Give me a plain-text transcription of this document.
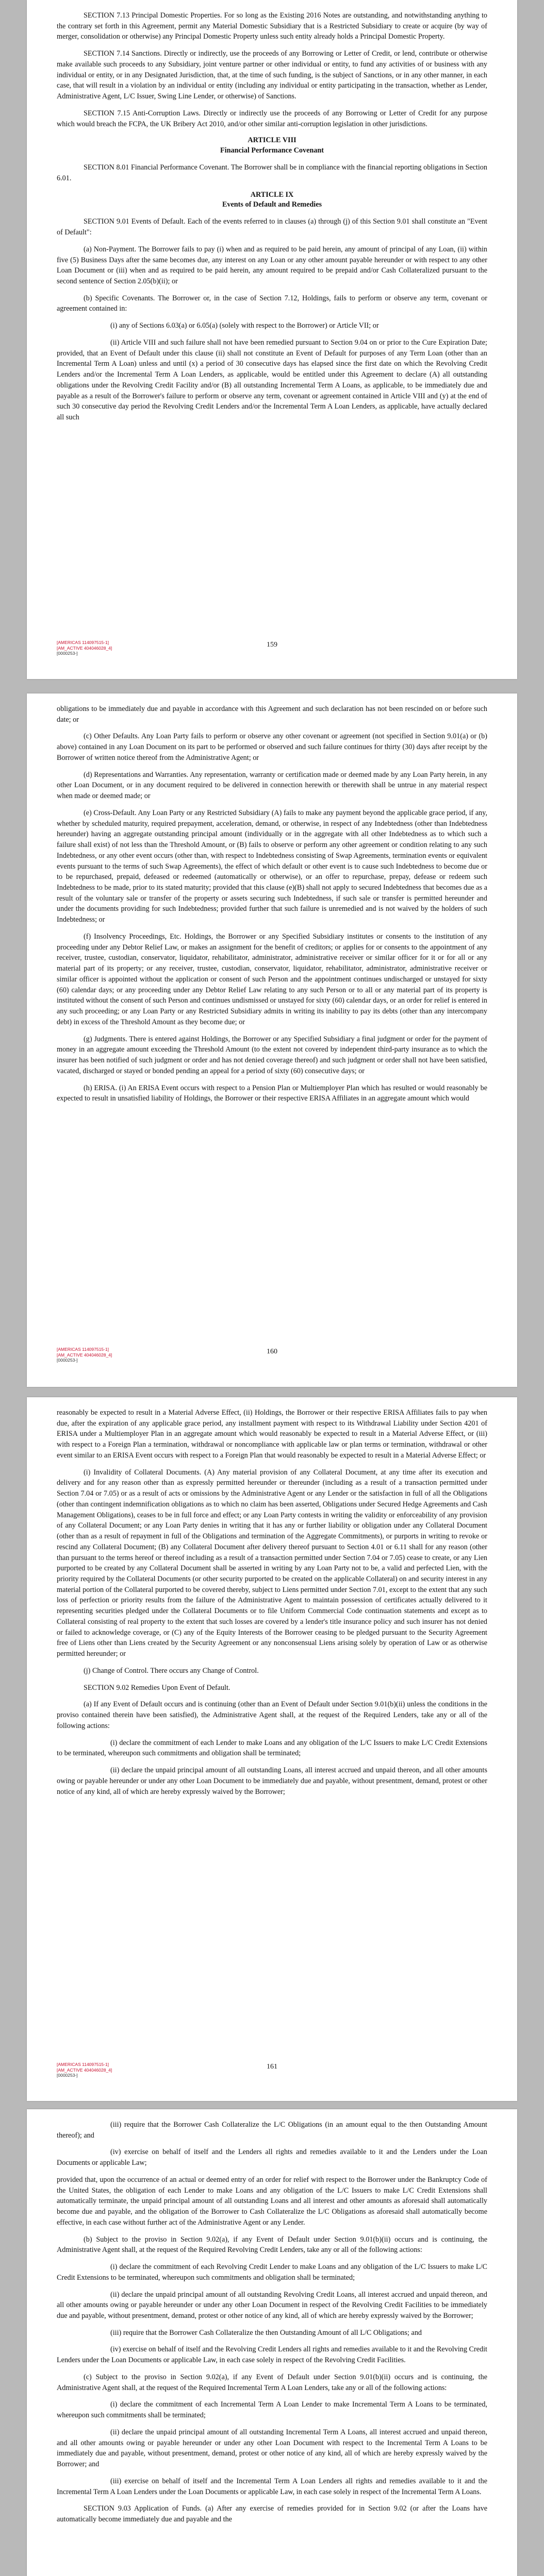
SECTION 7.13 Principal Domestic Properties. For so long as the Existing 2016 Notes are outstanding, and notwithstanding anything to the contrary set forth in this Agreement, permit any Material Domestic Subsidiary that is a Restricted Subsidiary to create or acquire (by way of merger, consolidation or otherwise) any Principal Domestic Property unless such entity already holds a Principal Domestic Property.

SECTION 7.14 Sanctions. Directly or indirectly, use the proceeds of any Borrowing or Letter of Credit, or lend, contribute or otherwise make available such proceeds to any Subsidiary, joint venture partner or other individual or entity, to fund any activities of or business with any individual or entity, or in any Designated Jurisdiction, that, at the time of such funding, is the subject of Sanctions, or in any other manner, in each case, that will result in a violation by an individual or entity (including any individual or entity participating in the transaction, whether as Lender, Administrative Agent, L/C Issuer, Swing Line Lender, or otherwise) of Sanctions.

SECTION 7.15 Anti-Corruption Laws. Directly or indirectly use the proceeds of any Borrowing or Letter of Credit for any purpose which would breach the FCPA, the UK Bribery Act 2010, and/or other similar anti-corruption legislation in other jurisdictions.

ARTICLE VIII
Financial Performance Covenant

SECTION 8.01 Financial Performance Covenant. The Borrower shall be in compliance with the financial reporting obligations in Section 6.01.

ARTICLE IX
Events of Default and Remedies

SECTION 9.01 Events of Default. Each of the events referred to in clauses (a) through (j) of this Section 9.01 shall constitute an "Event of Default":

(a) Non-Payment. The Borrower fails to pay (i) when and as required to be paid herein, any amount of principal of any Loan, (ii) within five (5) Business Days after the same becomes due, any interest on any Loan or any other amount payable hereunder or with respect to any other Loan Document or (iii) when and as required to be paid herein, any amount required to be prepaid and/or Cash Collateralized pursuant to the second sentence of Section 2.05(b)(ii); or

(b) Specific Covenants. The Borrower or, in the case of Section 7.12, Holdings, fails to perform or observe any term, covenant or agreement contained in:

(i) any of Sections 6.03(a) or 6.05(a) (solely with respect to the Borrower) or Article VII; or

(ii) Article VIII and such failure shall not have been remedied pursuant to Section 9.04 on or prior to the Cure Expiration Date; provided, that an Event of Default under this clause (ii) shall not constitute an Event of Default for purposes of any Term Loan (other than an Incremental Term A Loan) unless and until (x) a period of 30 consecutive days has elapsed since the first date on which the Revolving Credit Lenders and/or the Incremental Term A Loan Lenders, as applicable, would be entitled under this Agreement to declare (A) all outstanding obligations under the Revolving Credit Facility and/or (B) all outstanding Incremental Term A Loans, as applicable, to be immediately due and payable as a result of the Borrower's failure to perform or observe any term, covenant or agreement contained in Article VIII and (y) at the end of such 30 consecutive day period the Revolving Credit Lenders and/or the Incremental Term A Loan Lenders, as applicable, have actually declared all such

[AMERICAS 114097515-1]
[AM_ACTIVE 404046028_4]
[0000253-]
159

obligations to be immediately due and payable in accordance with this Agreement and such declaration has not been rescinded on or before such date; or

(c) Other Defaults. Any Loan Party fails to perform or observe any other covenant or agreement (not specified in Section 9.01(a) or (b) above) contained in any Loan Document on its part to be performed or observed and such failure continues for thirty (30) days after receipt by the Borrower of written notice thereof from the Administrative Agent; or

(d) Representations and Warranties. Any representation, warranty or certification made or deemed made by any Loan Party herein, in any other Loan Document, or in any document required to be delivered in connection herewith or therewith shall be untrue in any material respect when made or deemed made; or

(e) Cross-Default. Any Loan Party or any Restricted Subsidiary (A) fails to make any payment beyond the applicable grace period, if any, whether by scheduled maturity, required prepayment, acceleration, demand, or otherwise, in respect of any Indebtedness (other than Indebtedness hereunder) having an aggregate outstanding principal amount (individually or in the aggregate with all other Indebtedness as to which such a failure shall exist) of not less than the Threshold Amount, or (B) fails to observe or perform any other agreement or condition relating to any such Indebtedness, or any other event occurs (other than, with respect to Indebtedness consisting of Swap Agreements, termination events or equivalent events pursuant to the terms of such Swap Agreements), the effect of which default or other event is to cause such Indebtedness to become due or to be repurchased, prepaid, defeased or redeemed (automatically or otherwise), or an offer to repurchase, prepay, defease or redeem such Indebtedness to be made, prior to its stated maturity; provided that this clause (e)(B) shall not apply to secured Indebtedness that becomes due as a result of the voluntary sale or transfer of the property or assets securing such Indebtedness, if such sale or transfer is permitted hereunder and under the documents providing for such Indebtedness; provided further that such failure is unremedied and is not waived by the holders of such Indebtedness; or

(f) Insolvency Proceedings, Etc. Holdings, the Borrower or any Specified Subsidiary institutes or consents to the institution of any proceeding under any Debtor Relief Law, or makes an assignment for the benefit of creditors; or applies for or consents to the appointment of any receiver, trustee, custodian, conservator, liquidator, rehabilitator, administrator, administrative receiver or similar officer for it or for all or any material part of its property; or any receiver, trustee, custodian, conservator, liquidator, rehabilitator, administrator, administrative receiver or similar officer is appointed without the application or consent of such Person and the appointment continues undischarged or unstayed for sixty (60) calendar days; or any proceeding under any Debtor Relief Law relating to any such Person or to all or any material part of its property is instituted without the consent of such Person and continues undismissed or unstayed for sixty (60) calendar days, or an order for relief is entered in any such proceeding; or any Loan Party or any Restricted Subsidiary admits in writing its inability to pay its debts (other than any intercompany debt) in excess of the Threshold Amount as they become due; or

(g) Judgments. There is entered against Holdings, the Borrower or any Specified Subsidiary a final judgment or order for the payment of money in an aggregate amount exceeding the Threshold Amount (to the extent not covered by independent third-party insurance as to which the insurer has been notified of such judgment or order and has not denied coverage thereof) and such judgment or order shall not have been satisfied, vacated, discharged or stayed or bonded pending an appeal for a period of sixty (60) consecutive days; or

(h) ERISA. (i) An ERISA Event occurs with respect to a Pension Plan or Multiemployer Plan which has resulted or would reasonably be expected to result in unsatisfied liability of Holdings, the Borrower or their respective ERISA Affiliates in an aggregate amount which would

[AMERICAS 114097515-1]
[AM_ACTIVE 404046028_4]
[0000253-]
160

reasonably be expected to result in a Material Adverse Effect, (ii) Holdings, the Borrower or their respective ERISA Affiliates fails to pay when due, after the expiration of any applicable grace period, any installment payment with respect to its Withdrawal Liability under Section 4201 of ERISA under a Multiemployer Plan in an aggregate amount which would reasonably be expected to result in a Material Adverse Effect, or (iii) with respect to a Foreign Plan a termination, withdrawal or noncompliance with applicable law or plan terms or termination, withdrawal or other event similar to an ERISA Event occurs with respect to a Foreign Plan that would reasonably be expected to result in a Material Adverse Effect; or

(i) Invalidity of Collateral Documents. (A) Any material provision of any Collateral Document, at any time after its execution and delivery and for any reason other than as expressly permitted hereunder or thereunder (including as a result of a transaction permitted under Section 7.04 or 7.05) or as a result of acts or omissions by the Administrative Agent or any Lender or the satisfaction in full of all the Obligations (other than contingent indemnification obligations as to which no claim has been asserted, Obligations under Secured Hedge Agreements and Cash Management Obligations), ceases to be in full force and effect; or any Loan Party contests in writing the validity or enforceability of any provision of any Collateral Document; or any Loan Party denies in writing that it has any or further liability or obligation under any Collateral Document (other than as a result of repayment in full of the Obligations and termination of the Aggregate Commitments), or purports in writing to revoke or rescind any Collateral Document; (B) any Collateral Document after delivery thereof pursuant to Section 4.01 or 6.11 shall for any reason (other than pursuant to the terms hereof or thereof including as a result of a transaction permitted under Section 7.04 or 7.05) cease to create, or any Lien purported to be created by any Collateral Document shall be asserted in writing by any Loan Party not to be, a valid and perfected Lien, with the priority required by the Collateral Documents (or other security purported to be created on the applicable Collateral) on and security interest in any material portion of the Collateral purported to be covered thereby, subject to Liens permitted under Section 7.01, except to the extent that any such loss of perfection or priority results from the failure of the Administrative Agent to maintain possession of certificates actually delivered to it representing securities pledged under the Collateral Documents or to file Uniform Commercial Code continuation statements and except as to Collateral consisting of real property to the extent that such losses are covered by a lender's title insurance policy and such insurer has not denied or failed to acknowledge coverage, or (C) any of the Equity Interests of the Borrower ceasing to be pledged pursuant to the Security Agreement free of Liens other than Liens created by the Security Agreement or any nonconsensual Liens arising solely by operation of Law or as otherwise permitted hereunder; or

(j) Change of Control. There occurs any Change of Control.

SECTION 9.02 Remedies Upon Event of Default.

(a) If any Event of Default occurs and is continuing (other than an Event of Default under Section 9.01(b)(ii) unless the conditions in the proviso contained therein have been satisfied), the Administrative Agent shall, at the request of the Required Lenders, take any or all of the following actions:

(i) declare the commitment of each Lender to make Loans and any obligation of the L/C Issuers to make L/C Credit Extensions to be terminated, whereupon such commitments and obligation shall be terminated;

(ii) declare the unpaid principal amount of all outstanding Loans, all interest accrued and unpaid thereon, and all other amounts owing or payable hereunder or under any other Loan Document to be immediately due and payable, without presentment, demand, protest or other notice of any kind, all of which are hereby expressly waived by the Borrower;

[AMERICAS 114097515-1]
[AM_ACTIVE 404046028_4]
[0000253-]
161

(iii) require that the Borrower Cash Collateralize the L/C Obligations (in an amount equal to the then Outstanding Amount thereof); and

(iv) exercise on behalf of itself and the Lenders all rights and remedies available to it and the Lenders under the Loan Documents or applicable Law;

provided that, upon the occurrence of an actual or deemed entry of an order for relief with respect to the Borrower under the Bankruptcy Code of the United States, the obligation of each Lender to make Loans and any obligation of the L/C Issuers to make L/C Credit Extensions shall automatically terminate, the unpaid principal amount of all outstanding Loans and all interest and other amounts as aforesaid shall automatically become due and payable, and the obligation of the Borrower to Cash Collateralize the L/C Obligations as aforesaid shall automatically become effective, in each case without further act of the Administrative Agent or any Lender.

(b) Subject to the proviso in Section 9.02(a), if any Event of Default under Section 9.01(b)(ii) occurs and is continuing, the Administrative Agent shall, at the request of the Required Revolving Credit Lenders, take any or all of the following actions:

(i) declare the commitment of each Revolving Credit Lender to make Loans and any obligation of the L/C Issuers to make L/C Credit Extensions to be terminated, whereupon such commitments and obligation shall be terminated;

(ii) declare the unpaid principal amount of all outstanding Revolving Credit Loans, all interest accrued and unpaid thereon, and all other amounts owing or payable hereunder or under any other Loan Document in respect of the Revolving Credit Facilities to be immediately due and payable, without presentment, demand, protest or other notice of any kind, all of which are hereby expressly waived by the Borrower;

(iii) require that the Borrower Cash Collateralize the then Outstanding Amount of all L/C Obligations; and

(iv) exercise on behalf of itself and the Revolving Credit Lenders all rights and remedies available to it and the Revolving Credit Lenders under the Loan Documents or applicable Law, in each case solely in respect of the Revolving Credit Facilities.

(c) Subject to the proviso in Section 9.02(a), if any Event of Default under Section 9.01(b)(ii) occurs and is continuing, the Administrative Agent shall, at the request of the Required Incremental Term A Loan Lenders, take any or all of the following actions:

(i) declare the commitment of each Incremental Term A Loan Lender to make Incremental Term A Loans to be terminated, whereupon such commitments shall be terminated;

(ii) declare the unpaid principal amount of all outstanding Incremental Term A Loans, all interest accrued and unpaid thereon, and all other amounts owing or payable hereunder or under any other Loan Document with respect to the Incremental Term A Loans to be immediately due and payable, without presentment, demand, protest or other notice of any kind, all of which are hereby expressly waived by the Borrower; and

(iii) exercise on behalf of itself and the Incremental Term A Loan Lenders all rights and remedies available to it and the Incremental Term A Loan Lenders under the Loan Documents or applicable Law, in each case solely in respect of the Incremental Term A Loans.

SECTION 9.03 Application of Funds. (a) After any exercise of remedies provided for in Section 9.02 (or after the Loans have automatically become immediately due and payable and the
